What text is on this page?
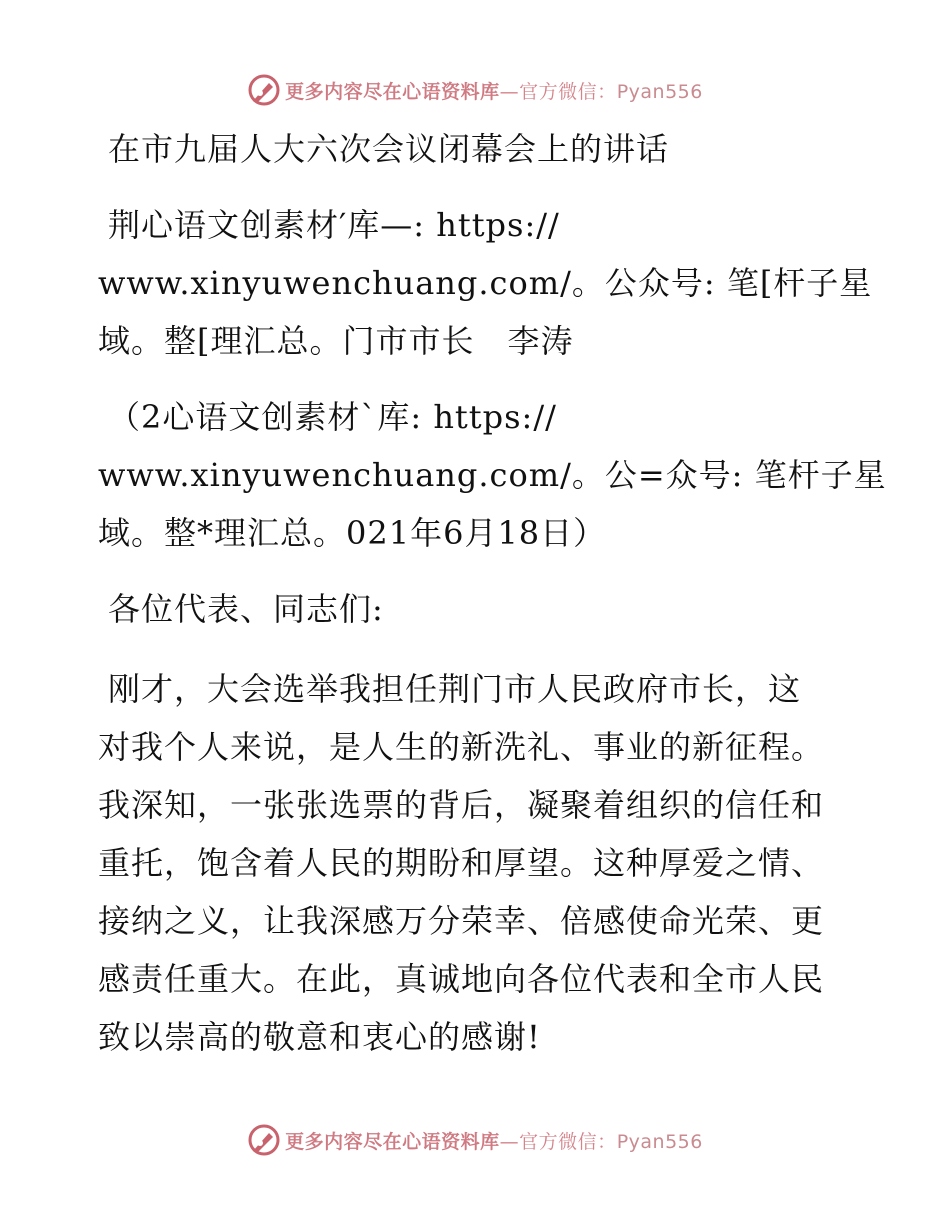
更多内容尽在心语资料库—官方微信：Pyan556
在市九届人大六次会议闭幕会上的讲话
荆心语文创素材′库—: https://
www.xinyuwenchuang.com/。公众号: 笔[杆子星
域。整[理汇总。门市市长　李涛
（2心语文创素材`库: https://
www.xinyuwenchuang.com/。公=众号: 笔杆子星
域。整*理汇总。021年6月18日）
各位代表、同志们:
刚才，大会选举我担任荆门市人民政府市长，这
对我个人来说，是人生的新洗礼、事业的新征程。
我深知，一张张选票的背后，凝聚着组织的信任和
重托，饱含着人民的期盼和厚望。这种厚爱之情、
接纳之义，让我深感万分荣幸、倍感使命光荣、更
感责任重大。在此，真诚地向各位代表和全市人民
致以崇高的敬意和衷心的感谢!
更多内容尽在心语资料库—官方微信：Pyan556
